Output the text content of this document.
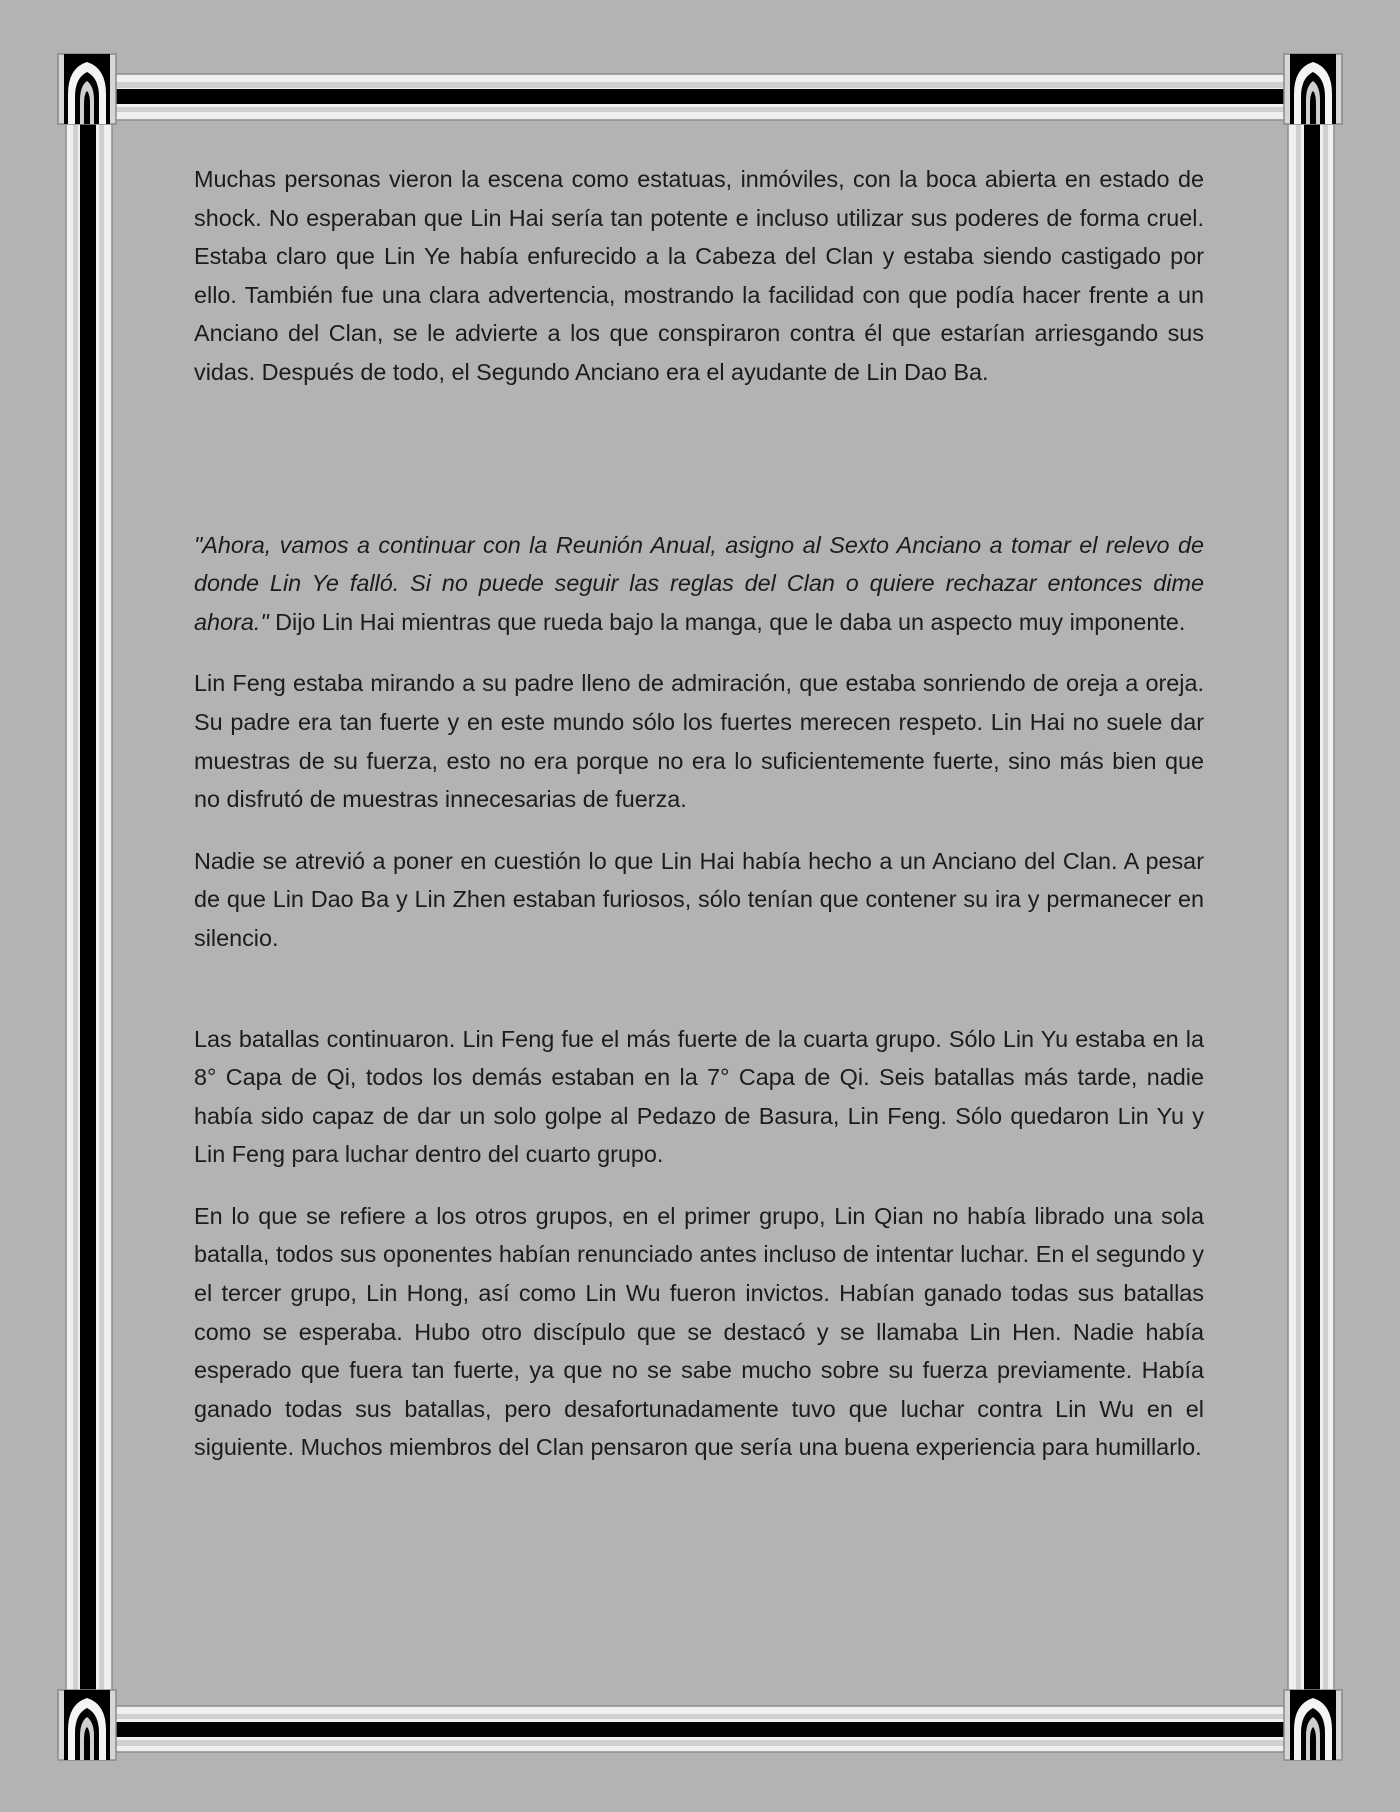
Muchas personas vieron la escena como estatuas, inmóviles, con la boca abierta en estado de shock. No esperaban que Lin Hai sería tan potente e incluso utilizar sus poderes de forma cruel. Estaba claro que Lin Ye había enfurecido a la Cabeza del Clan y estaba siendo castigado por ello. También fue una clara advertencia, mostrando la facilidad con que podía hacer frente a un Anciano del Clan, se le advierte a los que conspiraron contra él que estarían arriesgando sus vidas. Después de todo, el Segundo Anciano era el ayudante de Lin Dao Ba.

"Ahora, vamos a continuar con la Reunión Anual, asigno al Sexto Anciano a tomar el relevo de donde Lin Ye falló. Si no puede seguir las reglas del Clan o quiere rechazar entonces dime ahora." Dijo Lin Hai mientras que rueda bajo la manga, que le daba un aspecto muy imponente.

Lin Feng estaba mirando a su padre lleno de admiración, que estaba sonriendo de oreja a oreja. Su padre era tan fuerte y en este mundo sólo los fuertes merecen respeto. Lin Hai no suele dar muestras de su fuerza, esto no era porque no era lo suficientemente fuerte, sino más bien que no disfrutó de muestras innecesarias de fuerza.

Nadie se atrevió a poner en cuestión lo que Lin Hai había hecho a un Anciano del Clan. A pesar de que Lin Dao Ba y Lin Zhen estaban furiosos, sólo tenían que contener su ira y permanecer en silencio.

Las batallas continuaron. Lin Feng fue el más fuerte de la cuarta grupo. Sólo Lin Yu estaba en la 8° Capa de Qi, todos los demás estaban en la 7° Capa de Qi. Seis batallas más tarde, nadie había sido capaz de dar un solo golpe al Pedazo de Basura, Lin Feng. Sólo quedaron Lin Yu y Lin Feng para luchar dentro del cuarto grupo.

En lo que se refiere a los otros grupos, en el primer grupo, Lin Qian no había librado una sola batalla, todos sus oponentes habían renunciado antes incluso de intentar luchar. En el segundo y el tercer grupo, Lin Hong, así como Lin Wu fueron invictos. Habían ganado todas sus batallas como se esperaba. Hubo otro discípulo que se destacó y se llamaba Lin Hen. Nadie había esperado que fuera tan fuerte, ya que no se sabe mucho sobre su fuerza previamente. Había ganado todas sus batallas, pero desafortunadamente tuvo que luchar contra Lin Wu en el siguiente. Muchos miembros del Clan pensaron que sería una buena experiencia para humillarlo.
